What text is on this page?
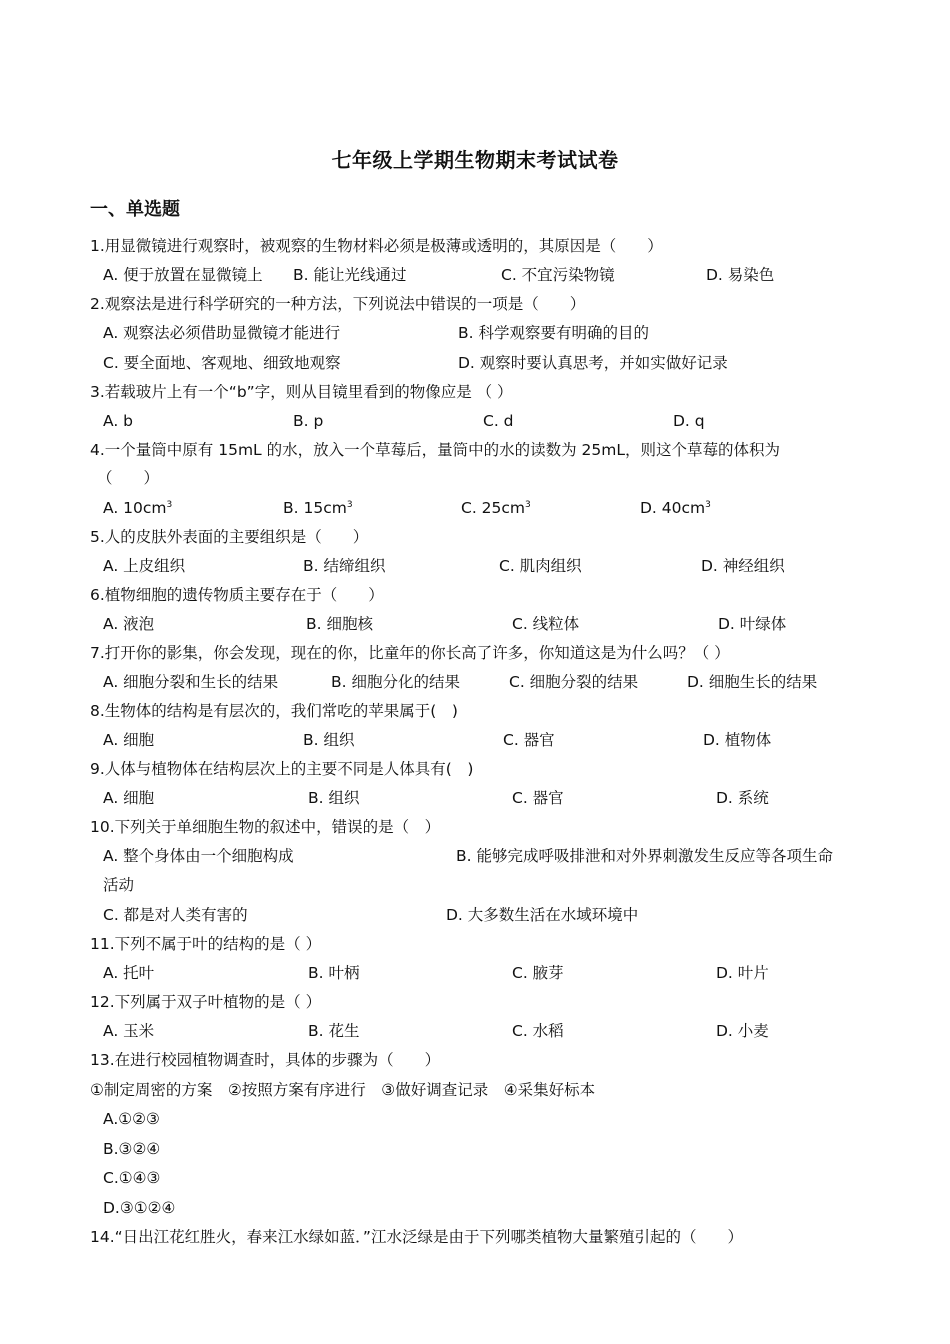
七年级上学期生物期末考试试卷
一、单选题
1.用显微镜进行观察时，被观察的生物材料必须是极薄或透明的，其原因是（　　）
A. 便于放置在显微镜上 B. 能让光线通过	C. 不宜污染物镜	D. 易染色
2.观察法是进行科学研究的一种方法，下列说法中错误的一项是（　　）
A. 观察法必须借助显微镜才能进行	B. 科学观察要有明确的目的
C. 要全面地、客观地、细致地观察	D. 观察时要认真思考，并如实做好记录
3.若载玻片上有一个“b”字，则从目镜里看到的物像应是 （ ）
A. b	B. p	C. d	D. q
4.一个量筒中原有 15mL 的水，放入一个草莓后，量筒中的水的读数为 25mL，则这个草莓的体积为
（　　）
A. $10cm^3$	B. $15cm^3$	C. $25cm^3$	D. $40cm^3$
5.人的皮肤外表面的主要组织是（　　）
A. 上皮组织	B. 结缔组织	C. 肌肉组织	D. 神经组织
6.植物细胞的遗传物质主要存在于（　　）
A. 液泡	B. 细胞核	C. 线粒体	D. 叶绿体
7.打开你的影集，你会发现，现在的你，比童年的你长高了许多，你知道这是为什么吗？（ ）
A. 细胞分裂和生长的结果	B. 细胞分化的结果	C. 细胞分裂的结果	D. 细胞生长的结果
8.生物体的结构是有层次的，我们常吃的苹果属于(　)
A. 细胞	B. 组织	C. 器官	D. 植物体
9.人体与植物体在结构层次上的主要不同是人体具有(　)
A. 细胞	B. 组织	C. 器官	D. 系统
10.下列关于单细胞生物的叙述中，错误的是（　）
A. 整个身体由一个细胞构成	B. 能够完成呼吸排泄和对外界刺激发生反应等各项生命
活动
C. 都是对人类有害的	D. 大多数生活在水域环境中
11.下列不属于叶的结构的是（ ）
A. 托叶	B. 叶柄	C. 腋芽	D. 叶片
12.下列属于双子叶植物的是（ ）
A. 玉米	B. 花生	C. 水稻	D. 小麦
13.在进行校园植物调查时，具体的步骤为（　　）
①制定周密的方案　②按照方案有序进行　③做好调查记录　④采集好标本
A.①②③
B.③②④
C.①④③
D.③①②④
14.“日出江花红胜火，春来江水绿如蓝．”江水泛绿是由于下列哪类植物大量繁殖引起的（　　）
